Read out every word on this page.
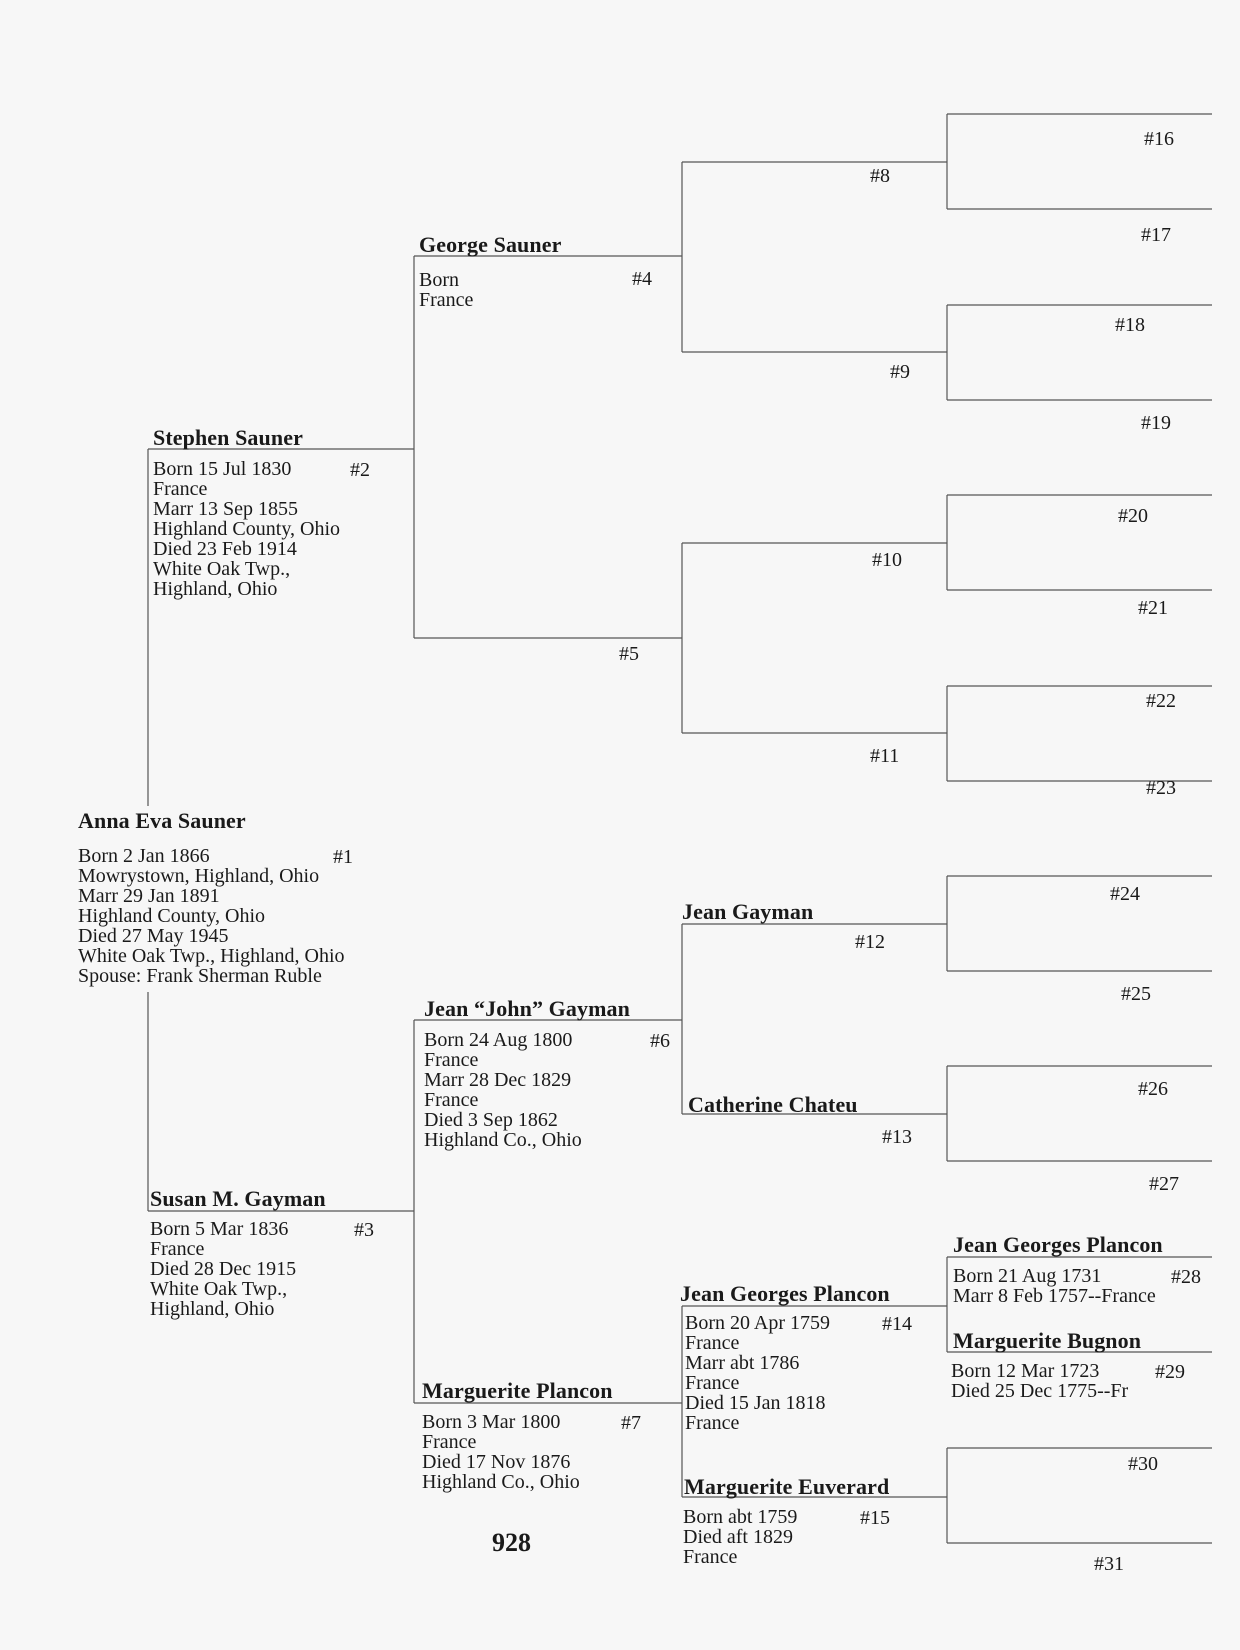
Anna Eva Sauner
#1
Born 2 Jan 1866
Mowrystown, Highland, Ohio
Marr 29 Jan 1891
Highland County, Ohio
Died 27 May 1945
White Oak Twp., Highland, Ohio
Spouse: Frank Sherman Ruble
Stephen Sauner
#2
Born 15 Jul 1830
France
Marr 13 Sep 1855
Highland County, Ohio
Died 23 Feb 1914
White Oak Twp.,
Highland, Ohio
Susan M. Gayman
#3
Born 5 Mar 1836
France
Died 28 Dec 1915
White Oak Twp.,
Highland, Ohio
George Sauner
#4
Born
France
#5
Jean “John” Gayman
#6
Born 24 Aug 1800
France
Marr 28 Dec 1829
France
Died 3 Sep 1862
Highland Co., Ohio
Marguerite Plancon
#7
Born 3 Mar 1800
France
Died 17 Nov 1876
Highland Co., Ohio
#8
#9
#10
#11
Jean Gayman
#12
Catherine Chateu
#13
Jean Georges Plancon
#14
Born 20 Apr 1759
France
Marr abt 1786
France
Died 15 Jan 1818
France
Marguerite Euverard
#15
Born abt 1759
Died aft 1829
France
#16
#17
#18
#19
#20
#21
#22
#23
#24
#25
#26
#27
Jean Georges Plancon
#28
Born 21 Aug 1731
Marr 8 Feb 1757--France
Marguerite Bugnon
#29
Born 12 Mar 1723
Died 25 Dec 1775--Fr
#30
#31
928
